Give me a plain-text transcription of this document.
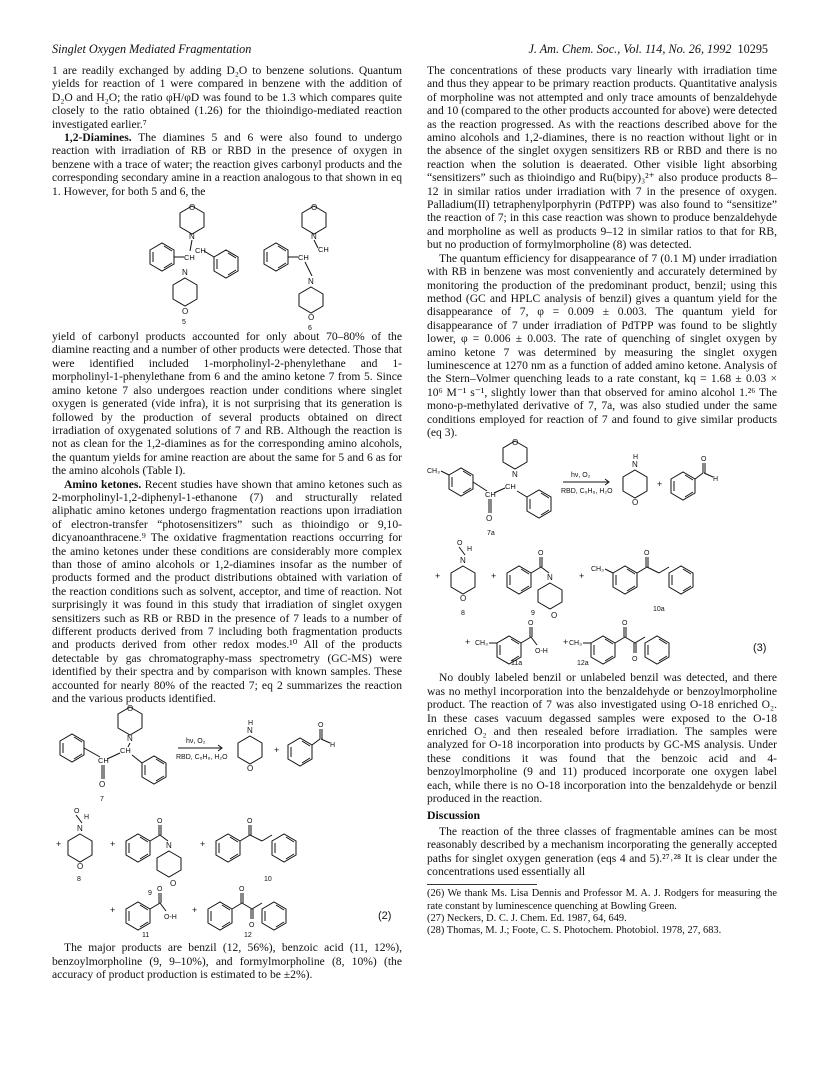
Singlet Oxygen Mediated Fragmentation	J. Am. Chem. Soc., Vol. 114, No. 26, 1992 10295

1 are readily exchanged by adding D₂O to benzene solutions. Quantum yields for reaction of 1 were compared in benzene with the addition of D₂O and H₂O; the ratio φH/φD was found to be 1.3 which compares quite closely to the ratio obtained (1.26) for the thioindigo-mediated reaction investigated earlier.⁷

1,2-Diamines. The diamines 5 and 6 were also found to undergo reaction with irradiation of RB or RBD in the presence of oxygen in benzene with a trace of water; the reaction gives carbonyl products and the corresponding secondary amine in a reaction analogous to that shown in eq 1. However, for both 5 and 6, the

O
N
CH
CH
N
O
5
O
N
CH
CH
N
O
6

yield of carbonyl products accounted for only about 70–80% of the diamine reacting and a number of other products were detected. Those that were identified included 1-morpholinyl-2-phenylethane and 1-morpholinyl-1-phenylethane from 6 and the amino ketone 7 from 5. Since amino ketone 7 also undergoes reaction under conditions where singlet oxygen is generated (vide infra), it is not surprising that its generation is followed by the production of several products obtained on direct irradiation of oxygenated solutions of 7 and RB. Although the reaction is not as clean for the 1,2-diamines as for the corresponding amino alcohols, the quantum yields for amine reaction are about the same for 5 and 6 as for the amino alcohols (Table I).

Amino ketones. Recent studies have shown that amino ketones such as 2-morpholinyl-1,2-diphenyl-1-ethanone (7) and structurally related aliphatic amino ketones undergo fragmentation reactions upon irradiation of electron-transfer “photosensitizers” such as thioindigo or 9,10-dicyanoanthracene.⁹ The oxidative fragmentation reactions occurring for the amino ketones under these conditions are considerably more complex than those of amino alcohols or 1,2-diamines insofar as the number of products formed and the product distributions obtained with variation of the reaction conditions such as solvent, acceptor, and time of reaction. Not surprisingly it was found in this study that irradiation of singlet oxygen sensitizers such as RB or RBD in the presence of 7 leads to a number of different products derived from 7 including both fragmentation products and products derived from other redox modes.¹⁰ All of the products detectable by gas chromatography-mass spectrometry (GC-MS) were identified by their spectra and by comparison with known samples. These accounted for nearly 80% of the reacted 7; eq 2 summarizes the reaction and the various products identified.

O
N
CH
O
CH
7
hν, O₂
RBD, C₆H₆, H₂O
H
N
O
+
O
H
+
O
H
N
O
8
+
O
N
O
9
+
O
10
+
O
O-H
11
+
O
O
12
(2)

The major products are benzil (12, 56%), benzoic acid (11, 12%), benzoylmorpholine (9, 9–10%), and formylmorpholine (8, 10%) (the accuracy of product production is estimated to be ±2%).

The concentrations of these products vary linearly with irradiation time and thus they appear to be primary reaction products. Quantitative analysis of morpholine was not attempted and only trace amounts of benzaldehyde and 10 (compared to the other products accounted for above) were detected as the reaction progressed. As with the reactions described above for the amino alcohols and 1,2-diamines, there is no reaction without light or in the absence of the singlet oxygen sensitizers RB or RBD and there is no reaction when the solution is deaerated. Other visible light absorbing “sensitizers” such as thioindigo and Ru(bipy)₃²⁺ also produce products 8–12 in similar ratios under irradiation with 7 in the presence of oxygen. Palladium(II) tetraphenylporphyrin (PdTPP) was also found to “sensitize” the reaction of 7; in this case reaction was shown to produce benzaldehyde and morpholine as well as products 9–12 in similar ratios to that for RB, but no production of formylmorpholine (8) was detected.

The quantum efficiency for disappearance of 7 (0.1 M) under irradiation with RB in benzene was most conveniently and accurately determined by monitoring the production of the predominant product, benzil; using this method (GC and HPLC analysis of benzil) gives a quantum yield for the disappearance of 7, φ = 0.009 ± 0.003. The quantum yield for disappearance of 7 under irradiation of PdTPP was found to be slightly lower, φ = 0.006 ± 0.003. The rate of quenching of singlet oxygen by amino ketone 7 was determined by measuring the singlet oxygen luminescence at 1270 nm as a function of added amino ketone. Analysis of the Stern–Volmer quenching leads to a rate constant, kq = 1.68 ± 0.03 × 10⁶ M⁻¹ s⁻¹, slightly lower than that observed for amino alcohol 1.²⁶ The mono-p-methylated derivative of 7, 7a, was also studied under the same conditions employed for reaction of 7 and found to give similar products (eq 3).

CH₃
CH
O
CH
O
N
7a
hν, O₂
RBD, C₆H₆, H₂O
H
N
O
+
O
H
+
O
H
N
O
8
+
O
N
O
9
+
CH₃
O
10a
+ CH₃
O
O-H
11a
+ CH₃
O
O
12a
(3)

No doubly labeled benzil or unlabeled benzil was detected, and there was no methyl incorporation into the benzaldehyde or benzoylmorpholine product. The reaction of 7 was also investigated using O-18 enriched O₂. In these cases vacuum degassed samples were exposed to the O-18 enriched O₂ and then resealed before irradiation. The samples were analyzed for O-18 incorporation into products by GC-MS analysis. Under these conditions it was found that the benzoic acid and 4-benzoylmorpholine (9 and 11) produced incorporate one oxygen label each, while there is no O-18 incorporation into the benzaldehyde or benzil produced in the reaction.

Discussion

The reaction of the three classes of fragmentable amines can be most reasonably described by a mechanism incorporating the generally accepted paths for singlet oxygen generation (eqs 4 and 5).²⁷˒²⁸ It is clear under the concentrations used essentially all

(26) We thank Ms. Lisa Dennis and Professor M. A. J. Rodgers for measuring the rate constant by luminescence quenching at Bowling Green.

(27) Neckers, D. C. J. Chem. Ed. 1987, 64, 649.

(28) Thomas, M. J.; Foote, C. S. Photochem. Photobiol. 1978, 27, 683.
